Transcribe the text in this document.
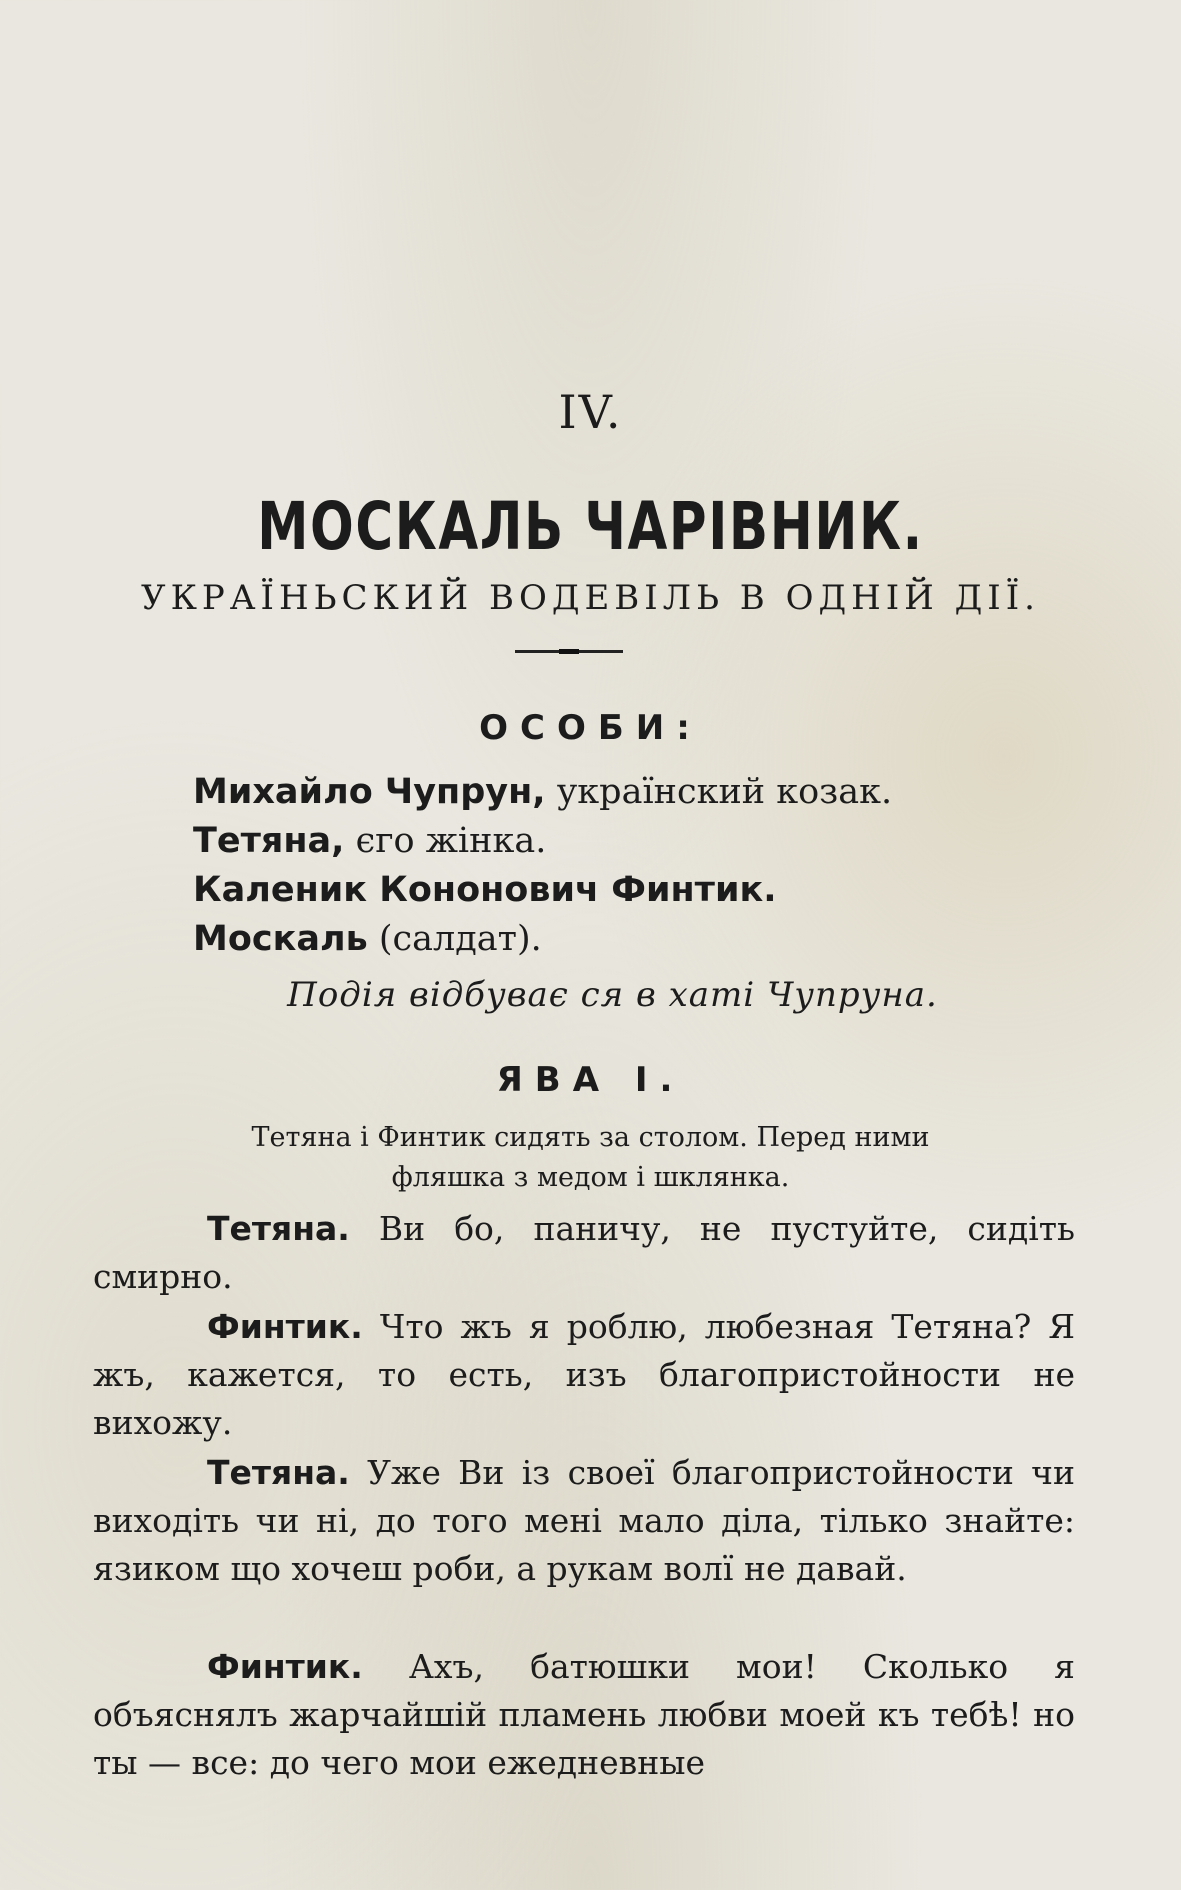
IV.
МОСКАЛЬ ЧАРІВНИК.
УКРАЇНЬСКИЙ ВОДЕВІЛЬ В ОДНІЙ ДІЇ.
ОСОБИ:
Михайло Чупрун, українский козак.
Тетяна, єго жінка.
Каленик Кононович Финтик.
Москаль (салдат).
Подія відбуває ся в хаті Чупруна.
ЯВА І.
Тетяна і Финтик сидять за столом. Перед ними
фляшка з медом і шклянка.
Тетяна. Ви бо, паничу, не пустуйте, сидіть смирно.
Финтик. Что жъ я роблю, любезная Тетяна? Я жъ, кажется, то есть, изъ благопристойности не вихожу.
Тетяна. Уже Ви із своеї благопристойности чи виходіть чи ні, до того мені мало діла, тілько знайте: язиком що хочеш роби, а рукам волї не давай.
Финтик. Ахъ, батюшки мои! Сколько я объяснялъ жарчайшій пламень любви моей къ тебѣ! но ты — все: до чего мои ежедневные
